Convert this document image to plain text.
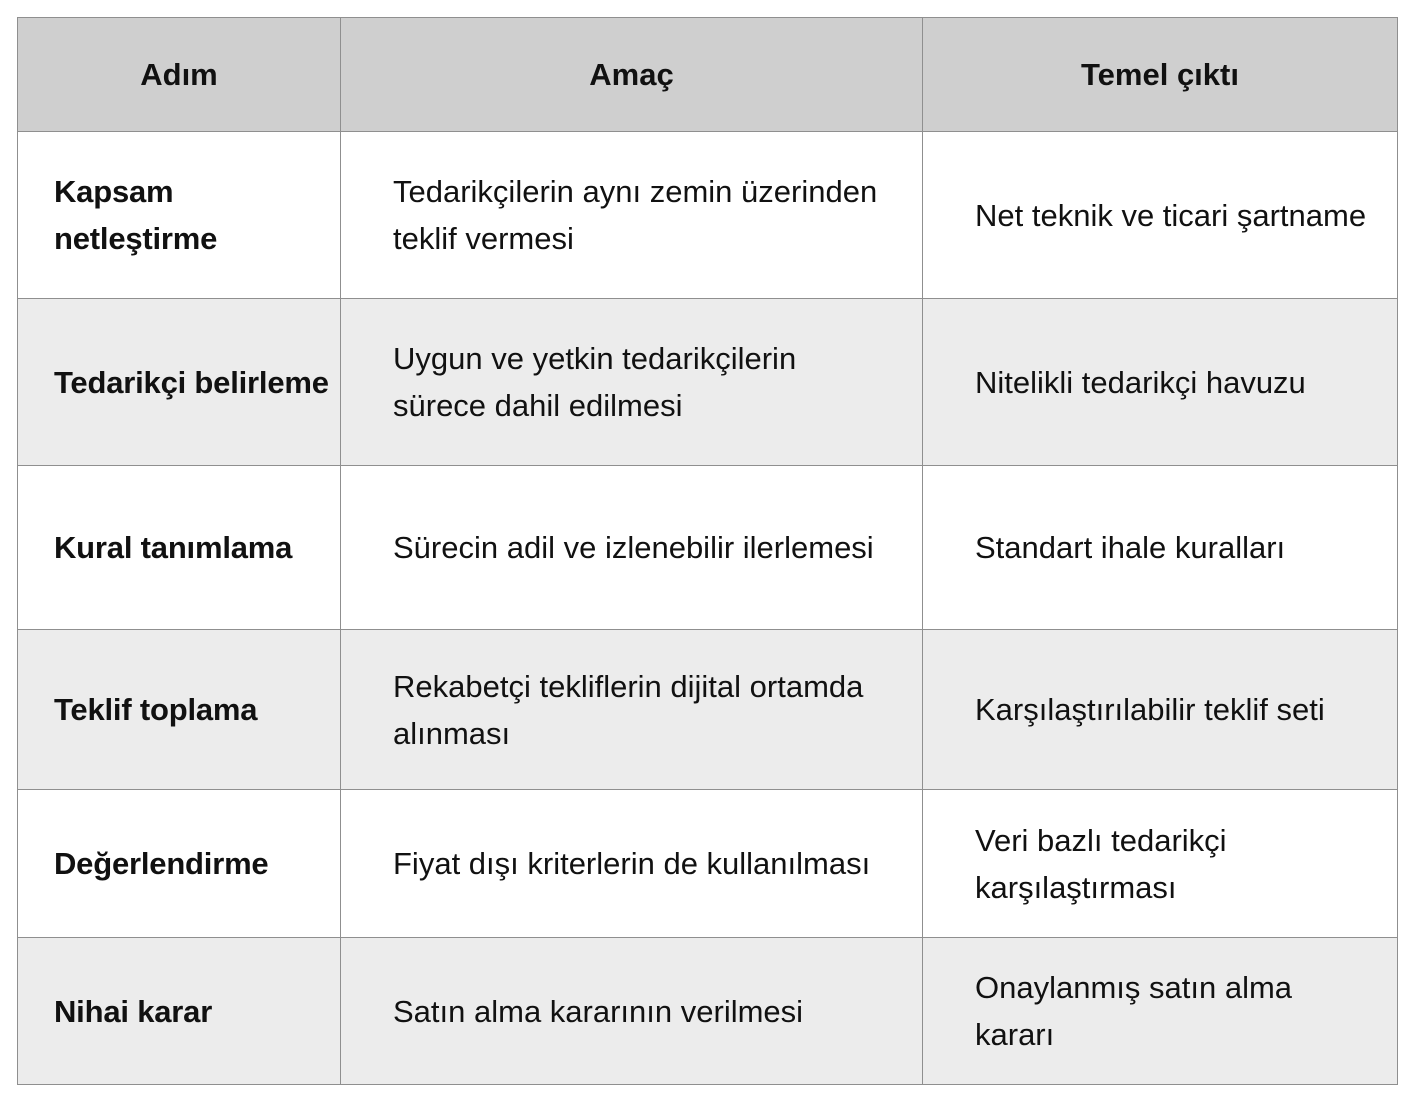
Adım	Amaç	Temel çıktı
Kapsam netleştirme	Tedarikçilerin aynı zemin üzerinden teklif vermesi	Net teknik ve ticari şartname
Tedarikçi belirleme	Uygun ve yetkin tedarikçilerin sürece dahil edilmesi	Nitelikli tedarikçi havuzu
Kural tanımlama	Sürecin adil ve izlenebilir ilerlemesi	Standart ihale kuralları
Teklif toplama	Rekabetçi tekliflerin dijital ortamda alınması	Karşılaştırılabilir teklif seti
Değerlendirme	Fiyat dışı kriterlerin de kullanılması	Veri bazlı tedarikçi karşılaştırması
Nihai karar	Satın alma kararının verilmesi	Onaylanmış satın alma kararı
